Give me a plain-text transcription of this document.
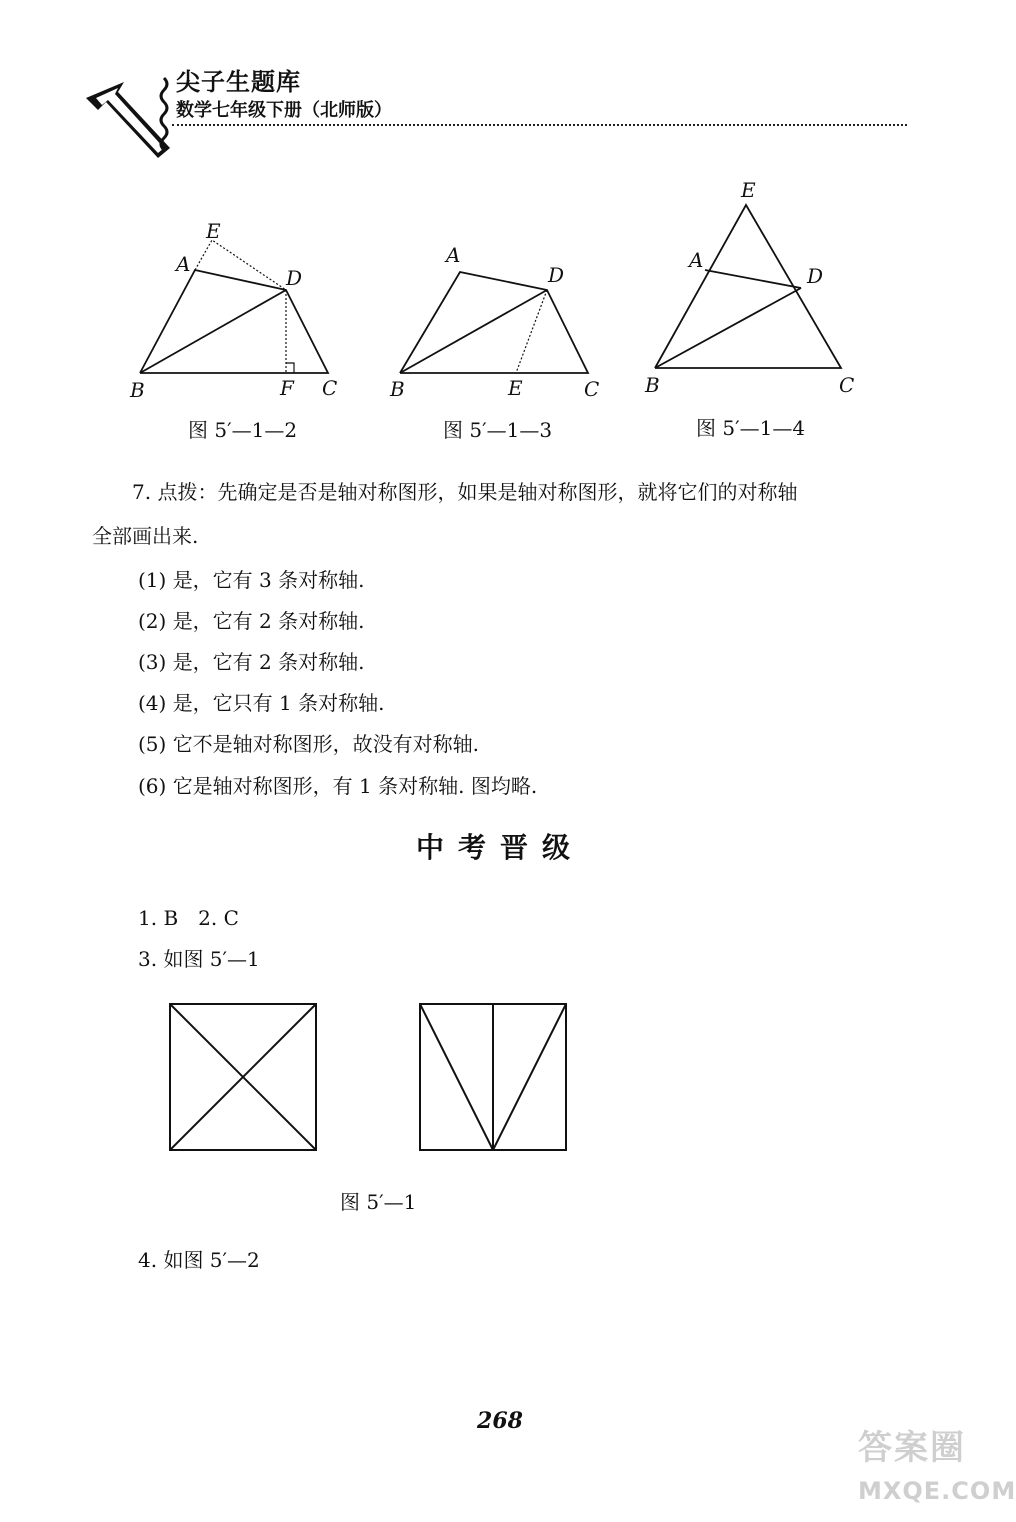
尖子生题库
数学七年级下册（北师版）
E
A
D
B	F C
图 5′—1—2
A
D
B	E	C
图 5′—1—3
E
A
D
B	C
图 5′—1—4
7. 点拨：先确定是否是轴对称图形，如果是轴对称图形，就将它们的对称轴
全部画出来.
(1) 是，它有 3 条对称轴.
(2) 是，它有 2 条对称轴.
(3) 是，它有 2 条对称轴.
(4) 是，它只有 1 条对称轴.
(5) 它不是轴对称图形，故没有对称轴.
(6) 它是轴对称图形，有 1 条对称轴. 图均略.
中考晋级
1. B　2. C
3. 如图 5′—1
图 5′—1
4. 如图 5′—2
268
答案圈
MXQE.COM
